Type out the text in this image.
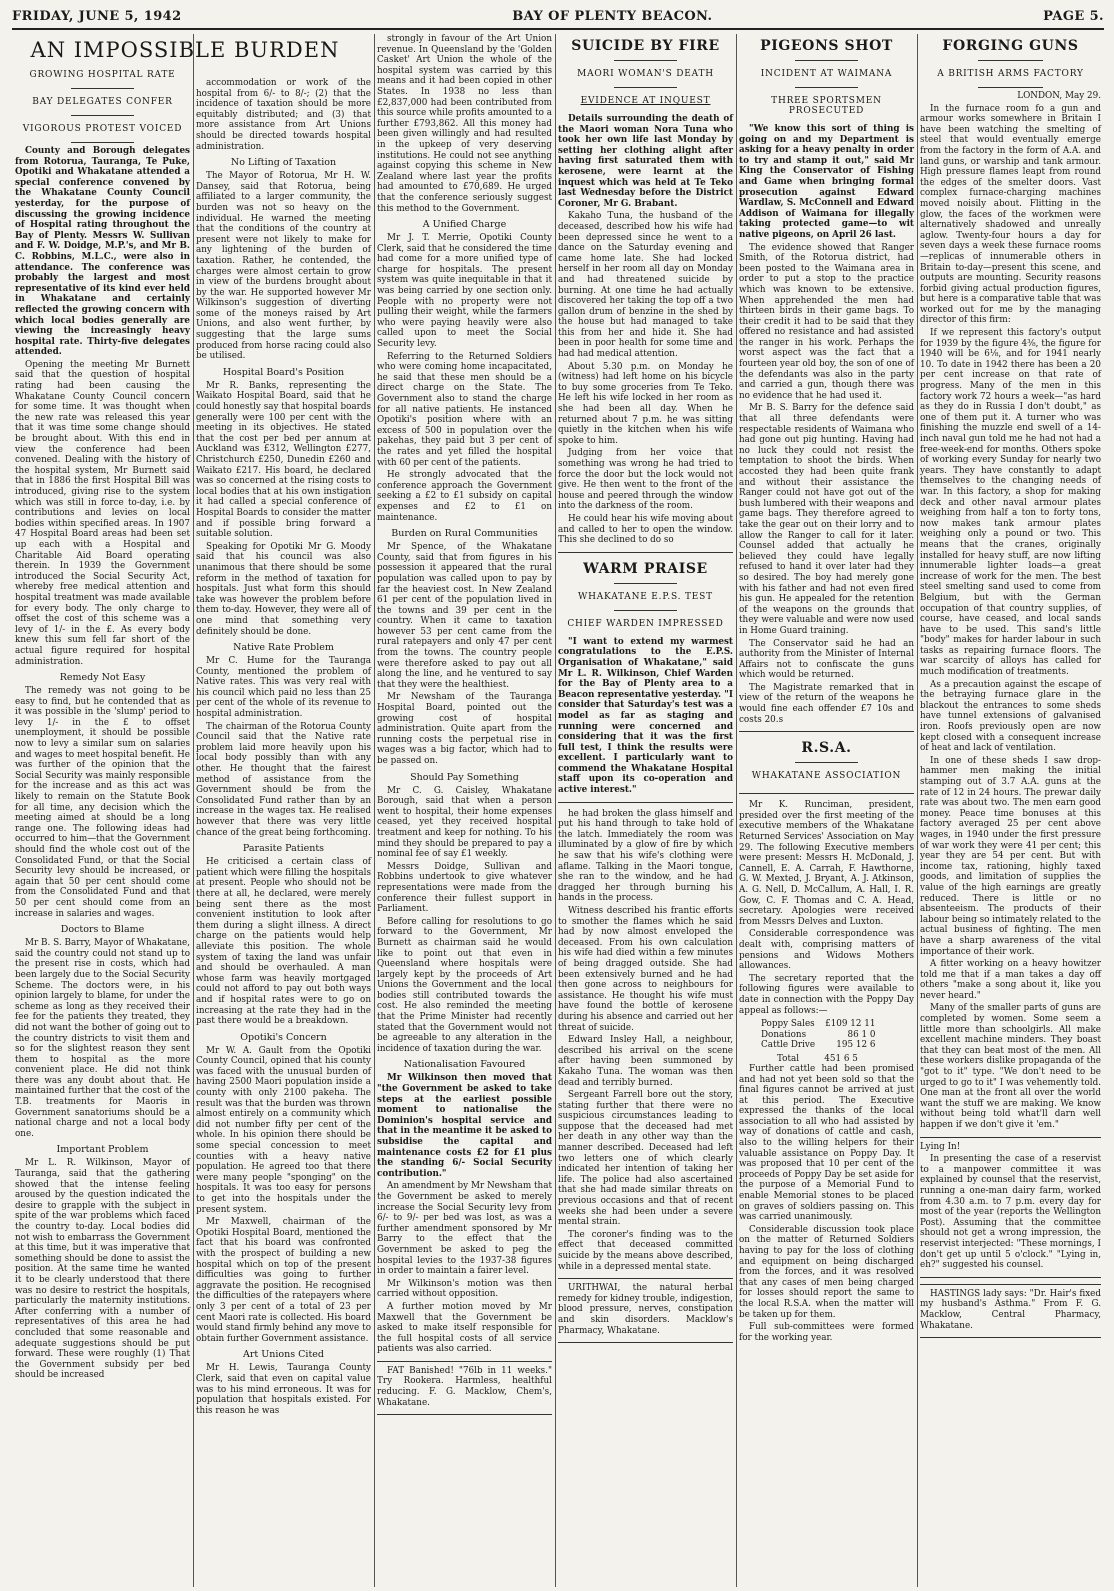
FRIDAY, JUNE 5, 1942	BAY OF PLENTY BEACON.	PAGE 5.
AN IMPOSSIBLE BURDEN
GROWING HOSPITAL RATE
BAY DELEGATES CONFER
VIGOROUS PROTEST VOICED

County and Borough delegates from Rotorua, Tauranga, Te Puke, Opotiki and Whakatane attended a special conference convened by the Whakatane County Council yesterday, for the purpose of discussing the growing incidence of Hospital rating throughout the Bay of Plenty. Messrs W. Sullivan and F. W. Doidge, M.P.'s, and Mr B. C. Robbins, M.L.C., were also in attendance. The conference was probably the largest and most representative of its kind ever held in Whakatane and certainly reflected the growing concern with which local bodies generally are viewing the increasingly heavy hospital rate. Thirty-five delegates attended.

Opening the meeting Mr Burnett said that the question of hospital rating had been causing the Whakatane County Council concern for some time. It was thought when the new rate was released this year that it was time some change should be brought about. With this end in view the conference had been convened. Dealing with the history of the hospital system, Mr Burnett said that in 1886 the first Hospital Bill was introduced, giving rise to the system which was still in force to-day, i.e. by contributions and levies on local bodies within specified areas. In 1907 47 Hospital Board areas had been set up each with a Hospital and Charitable Aid Board operating therein. In 1939 the Government introduced the Social Security Act, whereby free medical attention and hospital treatment was made available for every body. The only charge to offset the cost of this scheme was a levy of 1/- in the £. As every body knew this sum fell far short of the actual figure required for hospital administration.

Remedy Not Easy

The remedy was not going to be easy to find, but he contended that as it was possible in the 'slump' period to levy 1/- in the £ to offset unemployment, it should be possible now to levy a similar sum on salaries and wages to meet hospital benefit. He was further of the opinion that the Social Security was mainly responsible for the increase and as this act was likely to remain on the Statute Book for all time, any decision which the meeting aimed at should be a long range one. The following ideas had occurred to him—that the Government should find the whole cost out of the Consolidated Fund, or that the Social Security levy should be increased, or again that 50 per cent should come from the Consolidated Fund and that 50 per cent should come from an increase in salaries and wages.

Doctors to Blame

Mr B. S. Barry, Mayor of Whakatane, said the country could not stand up to the present rise in costs, which had been largely due to the Social Security Scheme. The doctors were, in his opinion largely to blame, for under the scheme as long as they received their fee for the patients they treated, they did not want the bother of going out to the country districts to visit them and so for the slightest reason they sent them to hospital as the more convenient place. He did not think there was any doubt about that. He maintained further that the cost of the T.B. treatments for Maoris in Government sanatoriums should be a national charge and not a local body one.

Important Problem

Mr L. R. Wilkinson, Mayor of Tauranga, said that the gathering showed that the intense feeling aroused by the question indicated the desire to grapple with the subject in spite of the war problems which faced the country to-day. Local bodies did not wish to embarrass the Government at this time, but it was imperative that something should be done to assist the position. At the same time he wanted it to be clearly understood that there was no desire to restrict the hospitals, particularly the maternity institutions. After conferring with a number of representatives of this area he had concluded that some reasonable and adequate suggestions should be put forward. These were roughly (1) That the Government subsidy per bed should be increased

accommodation or work of the hospital from 6/- to 8/-; (2) that the incidence of taxation should be more equitably distributed; and (3) that more assistance from Art Unions should be directed towards hospital administration.

No Lifting of Taxation

The Mayor of Rotorua, Mr H. W. Dansey, said that Rotorua, being affiliated to a larger community, the burden was not so heavy on the individual. He warned the meeting that the conditions of the country at present were not likely to make for any lightening of the burden of taxation. Rather, he contended, the charges were almost certain to grow in view of the burdens brought about by the war. He supported however Mr Wilkinson's suggestion of diverting some of the moneys raised by Art Unions, and also went further, by suggesting that the large sums produced from horse racing could also be utilised.

Hospital Board's Position

Mr R. Banks, representing the Waikato Hospital Board, said that he could honestly say that hospital boards generally were 100 per cent with the meeting in its objectives. He stated that the cost per bed per annum at Auckland was £312, Wellington £277, Christchurch £250, Dunedin £260 and Waikato £217. His board, he declared was so concerned at the rising costs to local bodies that at his own instigation it had called a special conference of Hospital Boards to consider the matter and if possible bring forward a suitable solution.

Speaking for Opotiki Mr G. Moody said that his council was also unanimous that there should be some reform in the method of taxation for hospitals. Just what form this should take was however the problem before them to-day. However, they were all of one mind that something very definitely should be done.

Native Rate Problem

Mr C. Hume for the Tauranga County, mentioned the problem of Native rates. This was very real with his council which paid no less than 25 per cent of the whole of its revenue to hospital administration.

The chairman of the Rotorua County Council said that the Native rate problem laid more heavily upon his local body possibly than with any other. He thought that the fairest method of assistance from the Government should be from the Consolidated Fund rather than by an increase in the wages tax. He realised however that there was very little chance of the great being forthcoming.

Parasite Patients

He criticised a certain class of patient which were filling the hospitals at present. People who should not be there at all, he declared, were merely being sent there as the most convenient institution to look after them during a slight illness. A direct charge on the patients would help alleviate this position. The whole system of taxing the land was unfair and should be overhauled. A man whose farm was heavily mortgaged could not afford to pay out both ways and if hospital rates were to go on increasing at the rate they had in the past there would be a breakdown.

Opotiki's Concern

Mr W. A. Gault from the Opotiki County Council, opined that his county was faced with the unusual burden of having 2500 Maori population inside a county with only 2100 pakeha. The result was that the burden was thrown almost entirely on a community which did not number fifty per cent of the whole. In his opinion there should be some special concession to meet counties with a heavy native population. He agreed too that there were many people "sponging" on the hospitals. It was too easy for persons to get into the hospitals under the present system.

Mr Maxwell, chairman of the Opotiki Hospital Board, mentioned the fact that his board was confronted with the prospect of building a new hospital which on top of the present difficulties was going to further aggravate the position. He recognised the difficulties of the ratepayers where only 3 per cent of a total of 23 per cent Maori rate is collected. His board would stand firmly behind any move to obtain further Government assistance.

Art Unions Cited

Mr H. Lewis, Tauranga County Clerk, said that even on capital value was to his mind erroneous. It was for population that hospitals existed. For this reason he was

strongly in favour of the Art Union revenue. In Queensland by the 'Golden Casket' Art Union the whole of the hospital system was carried by this means and it had been copied in other States. In 1938 no less than £2,837,000 had been contributed from this source while profits amounted to a further £793,862. All this money had been given willingly and had resulted in the upkeep of very deserving institutions. He could not see anything against copying this scheme in New Zealand where last year the profits had amounted to £70,689. He urged that the conference seriously suggest this method to the Government.

A Unified Charge

Mr J. T. Merrie, Opotiki County Clerk, said that he considered the time had come for a more unified type of charge for hospitals. The present system was quite inequitable in that it was being carried by one section only. People with no property were not pulling their weight, while the farmers who were paying heavily were also called upon to meet the Social Security levy.

Referring to the Returned Soldiers who were coming home incapacitated, he said that these men should be a direct charge on the State. The Government also to stand the charge for all native patients. He instanced Opotiki's position where with an excess of 500 in population over the pakehas, they paid but 3 per cent of the rates and yet filled the hospital with 60 per cent of the patients.

He strongly advocated that the conference approach the Government seeking a £2 to £1 subsidy on capital expenses and £2 to £1 on maintenance.

Burden on Rural Communities

Mr Spence, of the Whakatane County, said that from figures in his possession it appeared that the rural population was called upon to pay by far the heaviest cost. In New Zealand 61 per cent of the population lived in the towns and 39 per cent in the country. When it came to taxation however 53 per cent came from the rural ratepayers and only 47 per cent from the towns. The country people were therefore asked to pay out all along the line, and he ventured to say that they were the healthiest.

Mr Newsham of the Tauranga Hospital Board, pointed out the growing cost of hospital administration. Quite apart from the running costs the perpetual rise in wages was a big factor, which had to be passed on.

Should Pay Something

Mr C. G. Caisley, Whakatane Borough, said that when a person went to hospital, their home expenses ceased, yet they received hospital treatment and keep for nothing. To his mind they should be prepared to pay a nominal fee of say £1 weekly.

Messrs Doidge, Sullivan and Robbins undertook to give whatever representations were made from the conference their fullest support in Parliament.

Before calling for resolutions to go forward to the Government, Mr Burnett as chairman said he would like to point out that even in Queensland where hospitals were largely kept by the proceeds of Art Unions the Government and the local bodies still contributed towards the cost. He also reminded the meeting that the Prime Minister had recently stated that the Government would not be agreeable to any alteration in the incidence of taxation during the war.

Nationalisation Favoured

Mr Wilkinson then moved that "the Government be asked to take steps at the earliest possible moment to nationalise the Dominion's hospital service and that in the meantime it be asked to subsidise the capital and maintenance costs £2 for £1 plus the standing 6/- Social Security contribution."

An amendment by Mr Newsham that the Government be asked to merely increase the Social Security levy from 6/- to 9/- per bed was lost, as was a further amendment sponsored by Mr Barry to the effect that the Government be asked to peg the hospital levies to the 1937-38 figures in order to maintain a fairer level.

Mr Wilkinson's motion was then carried without opposition.

A further motion moved by Mr Maxwell that the Government be asked to make itself responsible for the full hospital costs of all service patients was also carried.

FAT Banished! "76lb in 11 weeks." Try Rookera. Harmless, healthful reducing. F. G. Macklow, Chem's, Whakatane.

SUICIDE BY FIRE
MAORI WOMAN'S DEATH
EVIDENCE AT INQUEST

Details surrounding the death of the Maori woman Nora Tuna who took her own life last Monday by setting her clothing alight after having first saturated them with kerosene, were learnt at the inquest which was held at Te Teko last Wednesday before the District Coroner, Mr G. Brabant.

Kakaho Tuna, the husband of the deceased, described how his wife had been depressed since he went to a dance on the Saturday evening and came home late. She had locked herself in her room all day on Monday and had threatened suicide by burning. At one time he had actually discovered her taking the top off a two gallon drum of benzine in the shed by the house but had managed to take this from her and hide it. She had been in poor health for some time and had had medical attention.

About 5.30 p.m. on Monday he (witness) had left home on his bicycle to buy some groceries from Te Teko. He left his wife locked in her room as she had been all day. When he returned about 7 p.m. he was sitting quietly in the kitchen when his wife spoke to him.

Judging from her voice that something was wrong he had tried to force the door but the lock would not give. He then went to the front of the house and peered through the window into the darkness of the room.

He could hear his wife moving about and called to her to open the window. This she declined to do so

WARM PRAISE
WHAKATANE E.P.S. TEST
CHIEF WARDEN IMPRESSED

"I want to extend my warmest congratulations to the E.P.S. Organisation of Whakatane," said Mr L. R. Wilkinson, Chief Warden for the Bay of Plenty area to a Beacon representative yesterday. "I consider that Saturday's test was a model as far as staging and running were concerned and considering that it was the first full test, I think the results were excellent. I particularly want to commend the Whakatane Hospital staff upon its co-operation and active interest."

he had broken the glass himself and put his hand through to take hold of the latch. Immediately the room was illuminated by a glow of fire by which he saw that his wife's clothing were aflame. Talking in the Maori tongue, she ran to the window, and he had dragged her through burning his hands in the process.

Witness described his frantic efforts to smother the flames which he said had by now almost enveloped the deceased. From his own calculation his wife had died within a few minutes of being dragged outside. She had been extensively burned and he had then gone across to neighbours for assistance. He thought his wife must have found the bottle of kerosene during his absence and carried out her threat of suicide.

Edward Insley Hall, a neighbour, described his arrival on the scene after having been summoned by Kakaho Tuna. The woman was then dead and terribly burned.

Sergeant Farrell bore out the story, stating further that there were no suspicious circumstances leading to suppose that the deceased had met her death in any other way than the manner described. Deceased had left two letters one of which clearly indicated her intention of taking her life. The police had also ascertained that she had made similar threats on previous occasions and that of recent weeks she had been under a severe mental strain.

The coroner's finding was to the effect that deceased committed suicide by the means above described, while in a depressed mental state.

URITHWAI, the natural herbal remedy for kidney trouble, indigestion, blood pressure, nerves, constipation and skin disorders. Macklow's Pharmacy, Whakatane.

PIGEONS SHOT
INCIDENT AT WAIMANA
THREE SPORTSMEN
PROSECUTED

"We know this sort of thing is going on and my Department is asking for a heavy penalty in order to try and stamp it out," said Mr King the Conservator of Fishing and Game when bringing formal prosecution against Edward Wardlaw, S. McConnell and Edward Addison of Waimana for illegally taking protected game—to wit native pigeons, on April 26 last.

The evidence showed that Ranger Smith, of the Rotorua district, had been posted to the Waimana area in order to put a stop to the practice which was known to be extensive. When apprehended the men had thirteen birds in their game bags. To their credit it had to be said that they offered no resistance and had assisted the ranger in his work. Perhaps the worst aspect was the fact that a fourteen year old boy, the son of one of the defendants was also in the party and carried a gun, though there was no evidence that he had used it.

Mr B. S. Barry for the defence said that all three defendants were respectable residents of Waimana who had gone out pig hunting. Having had no luck they could not resist the temptation to shoot the birds. When accosted they had been quite frank and without their assistance the Ranger could not have got out of the bush lumbered with their weapons and game bags. They therefore agreed to take the gear out on their lorry and to allow the Ranger to call for it later. Counsel added that actually he believed they could have legally refused to hand it over later had they so desired. The boy had merely gone with his father and had not even fired his gun. He appealed for the retention of the weapons on the grounds that they were valuable and were now used in Home Guard training.

The Conservator said he had an authority from the Minister of Internal Affairs not to confiscate the guns which would be returned.

The Magistrate remarked that in view of the return of the weapons he would fine each offender £7 10s and costs 20.s

R.S.A.
WHAKATANE ASSOCIATION

Mr K. Runciman, president, presided over the first meeting of the executive members of the Whakatane Returned Services' Association on May 29. The following Executive members were present: Messrs H. McDonald, J. Cannell, E. A. Carrah, F. Hawthorne, G. W. Mexted, J. Bryant, A. J. Atkinson, A. G. Nell, D. McCallum, A. Hall, I. R. Gow, C. F. Thomas and C. A. Head, secretary. Apologies were received from Messrs Delves and Luxton.

Considerable correspondence was dealt with, comprising matters of pensions and Widows Mothers allowances.

The secretary reported that the following figures were available to date in connection with the Poppy Day appeal as follows:—

Poppy Sales	£109 12 11
Donations	86 1 0
Cattle Drive	195 12 6
Total	451 6 5

Further cattle had been promised and had not yet been sold so that the final figures cannot be arrived at just at this period. The Executive expressed the thanks of the local association to all who had assisted by way of donations of cattle and cash, also to the willing helpers for their valuable assistance on Poppy Day. It was proposed that 10 per cent of the proceeds of Poppy Day be set aside for the purpose of a Memorial Fund to enable Memorial stones to be placed on graves of soldiers passing on. This was carried unanimously.

Considerable discussion took place on the matter of Returned Soldiers having to pay for the loss of clothing and equipment on being discharged from the forces, and it was resolved that any cases of men being charged for losses should report the same to the local R.S.A. when the matter will be taken up for them.

Full sub-committees were formed for the working year.

FORGING GUNS
A BRITISH ARMS FACTORY

LONDON, May 29.

In the furnace room fo a gun and armour works somewhere in Britain I have been watching the smelting of steel that would eventually emerge from the factory in the form of A.A. and land guns, or warship and tank armour. High pressure flames leapt from round the edges of the smelter doors. Vast complex furnace-charging machines moved noisily about. Flitting in the glow, the faces of the workmen were alternatively shadowed and unreally aglow. Twenty-four hours a day for seven days a week these furnace rooms—replicas of innumerable others in Britain to-day—present this scene, and outputs are mounting. Security reasons forbid giving actual production figures, but here is a comparative table that was worked out for me by the managing director of this firm:

If we represent this factory's output for 1939 by the figure 4⅜, the figure for 1940 will be 6⅛, and for 1941 nearly 10. To date in 1942 there has been a 20 per cent increase on that rate of progress. Many of the men in this factory work 72 hours a week—"as hard as they do in Russia I don't doubt," as one of them put it. A turner who was finishing the muzzle end swell of a 14-inch naval gun told me he had not had a free-week-end for months. Others spoke of working every Sunday for nearly two years. They have constantly to adapt themselves to the changing needs of war. In this factory, a shop for making deck and other naval armour plates weighing from half a ton to forty tons, now makes tank armour plates weighing only a pound or two. This means that the cranes, originally installed for heavy stuff, are now lifting innumerable lighter loads—a great increase of work for the men. The best steel smelting sand used to come from Belgium, but with the German occupation of that country supplies, of course, have ceased, and local sands have to be used. This sand's little "body" makes for harder labour in such tasks as repairing furnace floors. The war scarcity of alloys has called for much modification of treatments.

As a precaution against the escape of the betraying furnace glare in the blackout the entrances to some sheds have tunnel extensions of galvanised iron. Roofs previously open are now kept closed with a consequent increase of heat and lack of ventilation.

In one of these sheds I saw drop-hammer men making the initial stamping out of 3.7 A.A. guns at the rate of 12 in 24 hours. The prewar daily rate was about two. The men earn good money. Peace time bonuses at this factory averaged 25 per cent above wages, in 1940 under the first pressure of war work they were 41 per cent; this year they are 54 per cent. But with income tax, rationing, highly taxed goods, and limitation of supplies the value of the high earnings are greatly reduced. There is little or no absenteeism. The products of their labour being so intimately related to the actual business of fighting. The men have a sharp awareness of the vital importance of their work.

A fitter working on a heavy howitzer told me that if a man takes a day off others "make a song about it, like you never heard."

Many of the smaller parts of guns are completed by women. Some seem a little more than schoolgirls. All make excellent machine minders. They boast that they can beat most of the men. All these workers dislike propaganda of the "got to it" type. "We don't need to be urged to go to it" I was vehemently told. One man at the front all over the world want the stuff we are making. We know without being told what'll darn well happen if we don't give it 'em."

Lying In!

In presenting the case of a reservist to a manpower committee it was explained by counsel that the reservist, running a one-man dairy farm, worked from 4.30 a.m. to 7 p.m. every day for most of the year (reports the Wellington Post). Assuming that the committee should not get a wrong impression, the reservist interjected: "These mornings, I don't get up until 5 o'clock." "Lying in, eh?" suggested his counsel.

HASTINGS lady says: "Dr. Hair's fixed my husband's Asthma." From F. G. Macklow, Central Pharmacy, Whakatane.
